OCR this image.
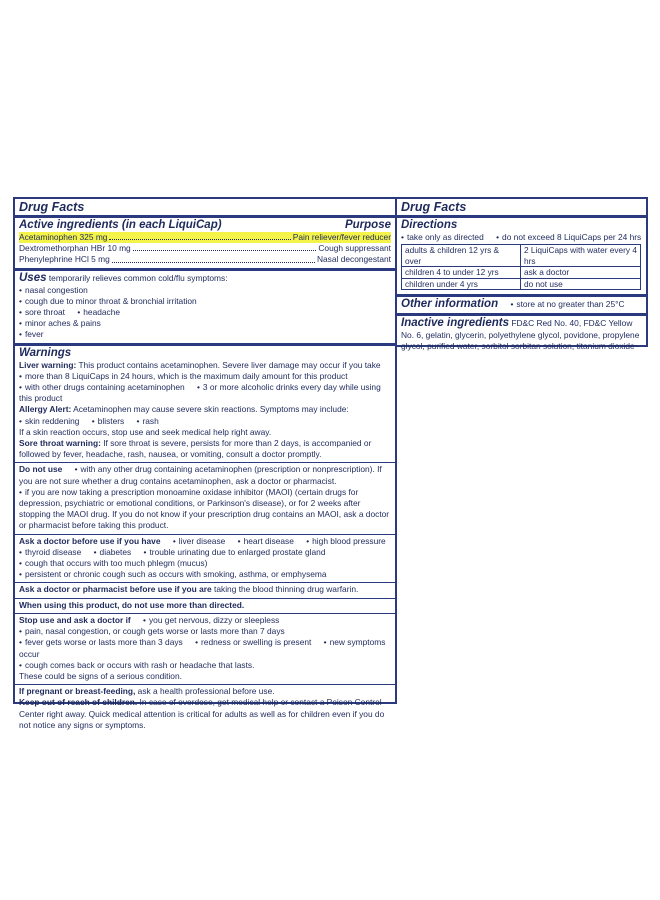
Drug Facts
Active ingredients (in each LiquiCap)	Purpose
Acetaminophen 325 mg	Pain reliever/fever reducer
Dextromethorphan HBr 10 mg	Cough suppressant
Phenylephrine HCl 5 mg	Nasal decongestant
Uses temporarily relieves common cold/flu symptoms:
• nasal congestion
• cough due to minor throat & bronchial irritation
• sore throat • headache
• minor aches & pains
• fever
Warnings
Liver warning: This product contains acetaminophen. Severe liver damage may occur if you take
• more than 8 LiquiCaps in 24 hours, which is the maximum daily amount for this product
• with other drugs containing acetaminophen • 3 or more alcoholic drinks every day while using this product
Allergy Alert: Acetaminophen may cause severe skin reactions. Symptoms may include:
• skin reddening • blisters • rash
If a skin reaction occurs, stop use and seek medical help right away.
Sore throat warning: If sore throat is severe, persists for more than 2 days, is accompanied or followed by fever, headache, rash, nausea, or vomiting, consult a doctor promptly.
Do not use • with any other drug containing acetaminophen (prescription or nonprescription). If you are not sure whether a drug contains acetaminophen, ask a doctor or pharmacist.
• if you are now taking a prescription monoamine oxidase inhibitor (MAOI) (certain drugs for depression, psychiatric or emotional conditions, or Parkinson's disease), or for 2 weeks after stopping the MAOI drug. If you do not know if your prescription drug contains an MAOI, ask a doctor or pharmacist before taking this product.
Ask a doctor before use if you have • liver disease • heart disease • high blood pressure
• thyroid disease • diabetes • trouble urinating due to enlarged prostate gland
• cough that occurs with too much phlegm (mucus)
• persistent or chronic cough such as occurs with smoking, asthma, or emphysema
Ask a doctor or pharmacist before use if you are taking the blood thinning drug warfarin.
When using this product, do not use more than directed.
Stop use and ask a doctor if • you get nervous, dizzy or sleepless
• pain, nasal congestion, or cough gets worse or lasts more than 7 days
• fever gets worse or lasts more than 3 days • redness or swelling is present • new symptoms occur
• cough comes back or occurs with rash or headache that lasts.
These could be signs of a serious condition.
If pregnant or breast-feeding, ask a health professional before use.
Keep out of reach of children. In case of overdose, get medical help or contact a Poison Control Center right away. Quick medical attention is critical for adults as well as for children even if you do not notice any signs or symptoms.
Drug Facts
Directions
• take only as directed • do not exceed 8 LiquiCaps per 24 hrs
adults & children 12 yrs & over	2 LiquiCaps with water every 4 hrs
children 4 to under 12 yrs	ask a doctor
children under 4 yrs	do not use
Other information • store at no greater than 25°C
Inactive ingredients FD&C Red No. 40, FD&C Yellow No. 6, gelatin, glycerin, polyethylene glycol, povidone, propylene glycol, purified water, sorbitol sorbitan solution, titanium dioxide
